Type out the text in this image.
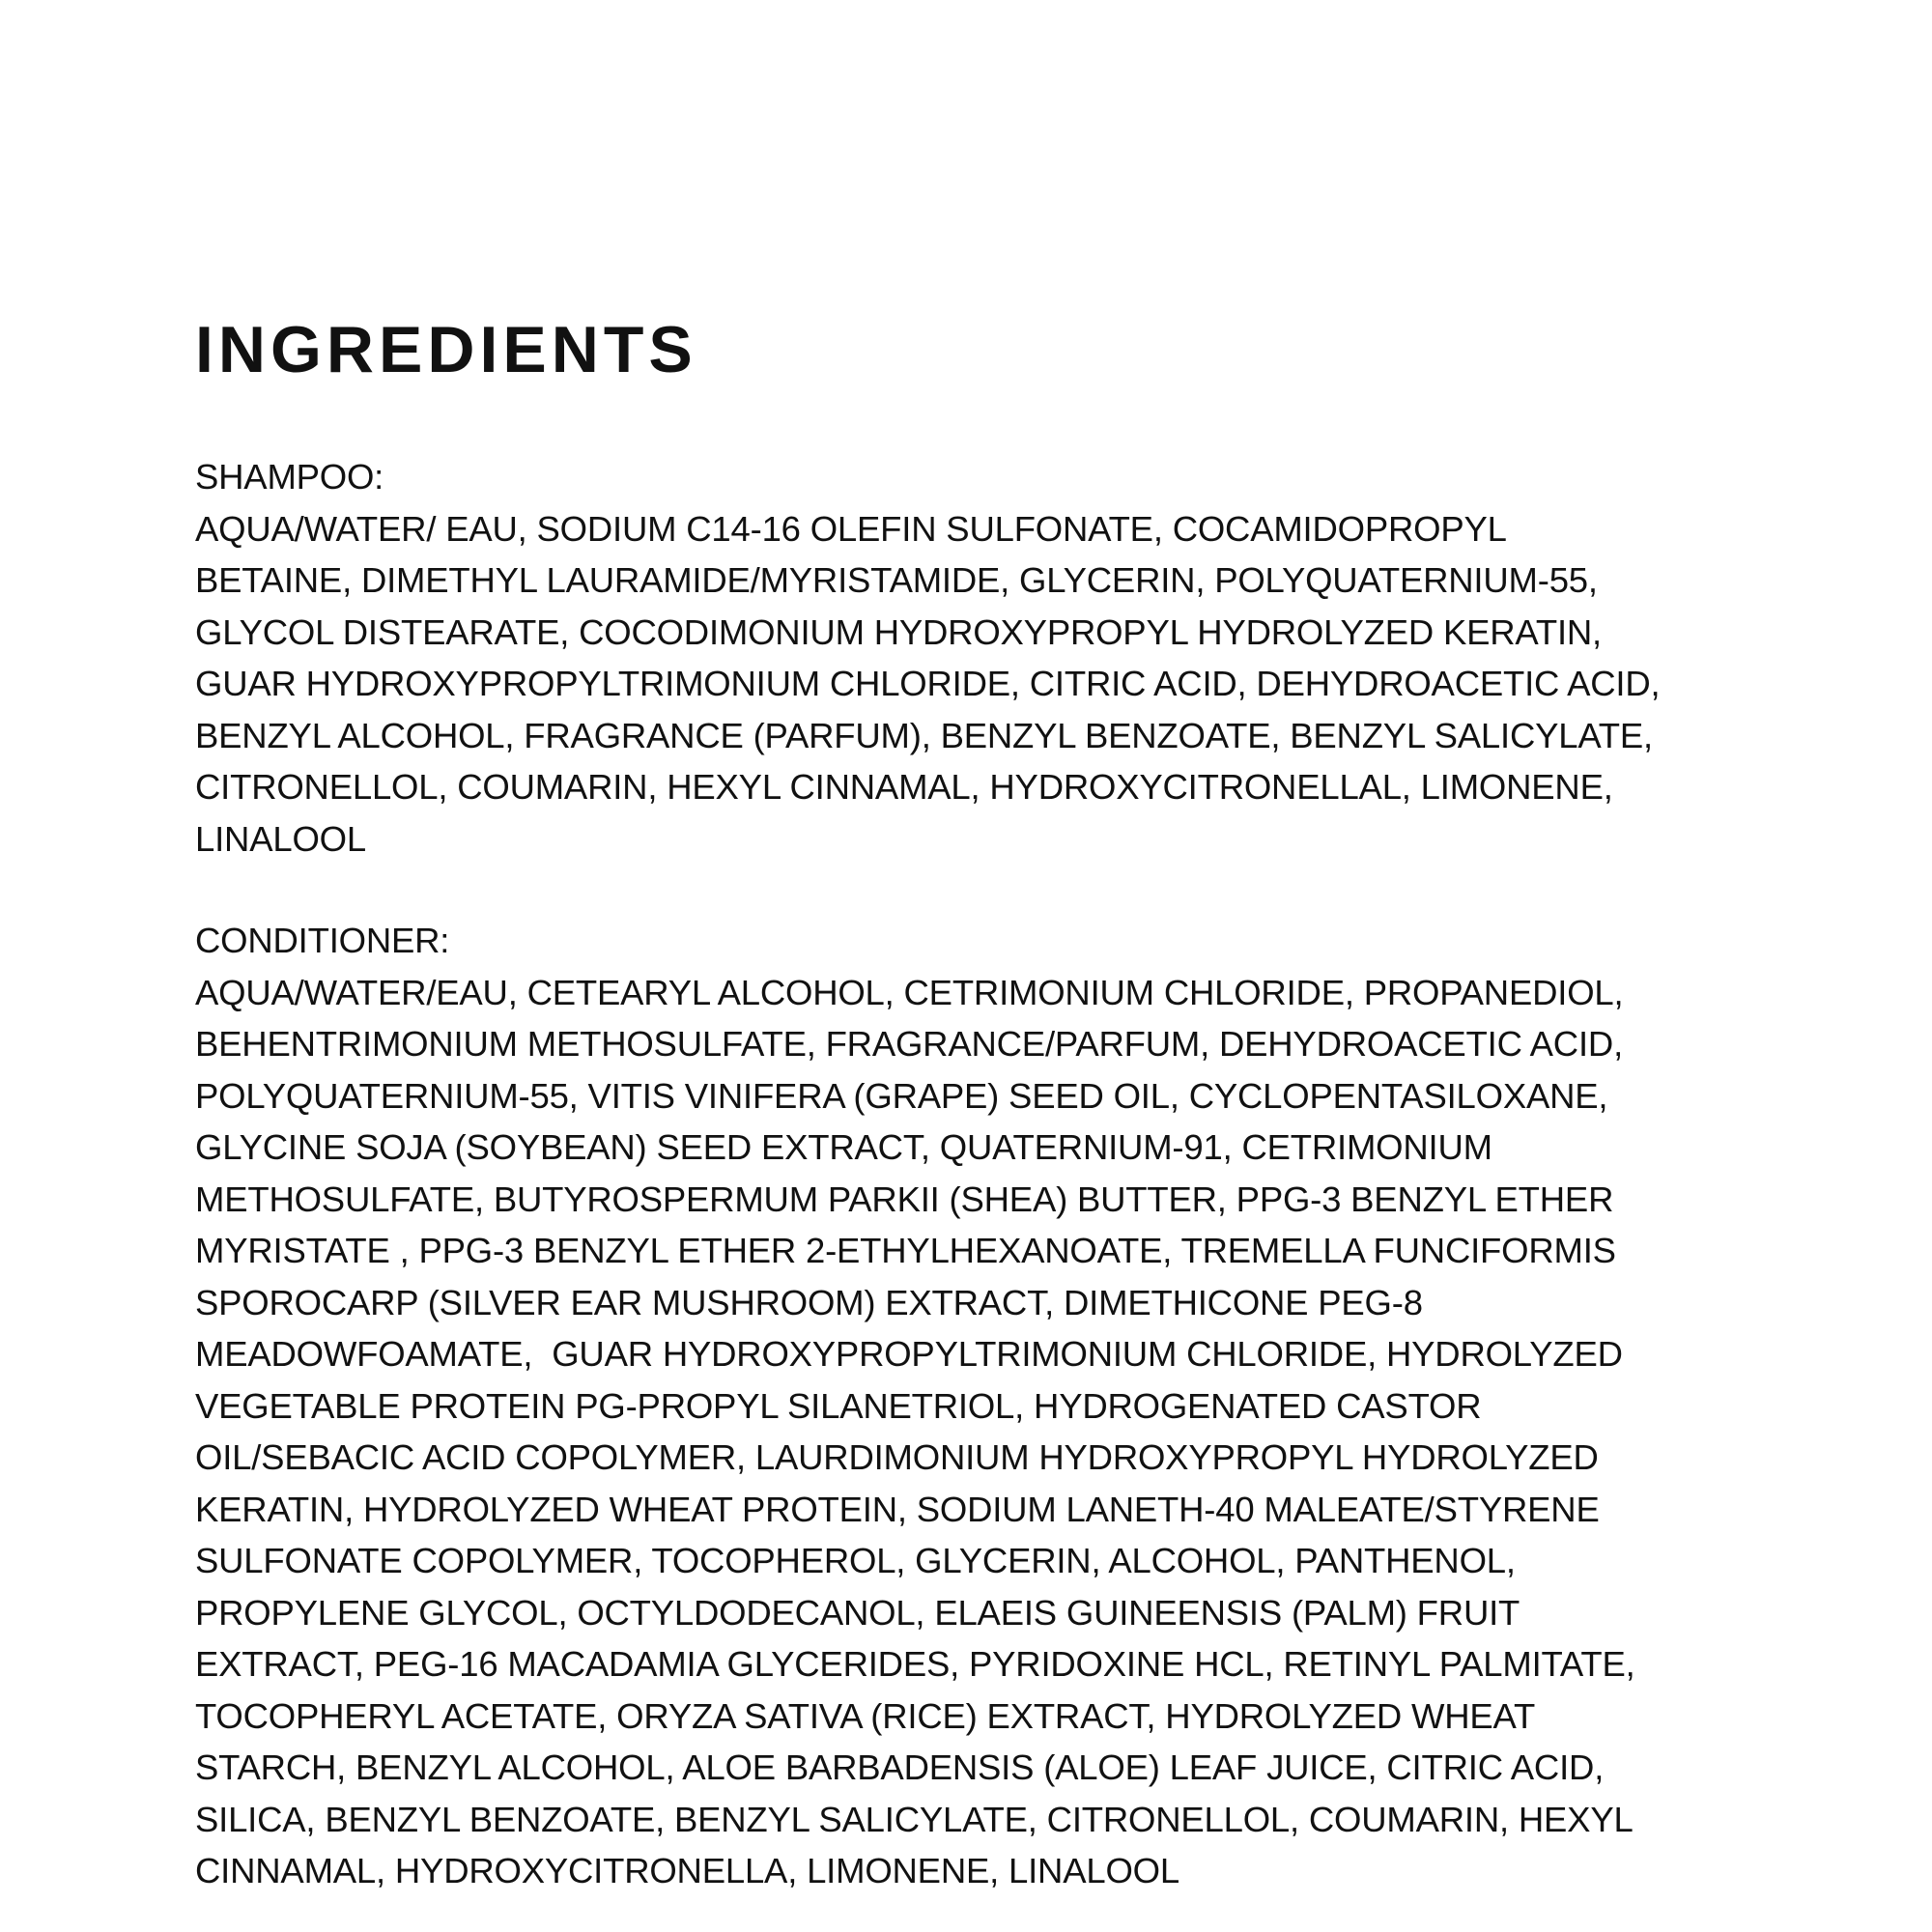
INGREDIENTS
SHAMPOO:
AQUA/WATER/ EAU, SODIUM C14-16 OLEFIN SULFONATE, COCAMIDOPROPYL
BETAINE, DIMETHYL LAURAMIDE/MYRISTAMIDE, GLYCERIN, POLYQUATERNIUM-55,
GLYCOL DISTEARATE, COCODIMONIUM HYDROXYPROPYL HYDROLYZED KERATIN,
GUAR HYDROXYPROPYLTRIMONIUM CHLORIDE, CITRIC ACID, DEHYDROACETIC ACID,
BENZYL ALCOHOL, FRAGRANCE (PARFUM), BENZYL BENZOATE, BENZYL SALICYLATE,
CITRONELLOL, COUMARIN, HEXYL CINNAMAL, HYDROXYCITRONELLAL, LIMONENE,
LINALOOL
CONDITIONER:
AQUA/WATER/EAU, CETEARYL ALCOHOL, CETRIMONIUM CHLORIDE, PROPANEDIOL,
BEHENTRIMONIUM METHOSULFATE, FRAGRANCE/PARFUM, DEHYDROACETIC ACID,
POLYQUATERNIUM-55, VITIS VINIFERA (GRAPE) SEED OIL, CYCLOPENTASILOXANE,
GLYCINE SOJA (SOYBEAN) SEED EXTRACT, QUATERNIUM-91, CETRIMONIUM
METHOSULFATE, BUTYROSPERMUM PARKII (SHEA) BUTTER, PPG-3 BENZYL ETHER
MYRISTATE , PPG-3 BENZYL ETHER 2-ETHYLHEXANOATE, TREMELLA FUNCIFORMIS
SPOROCARP (SILVER EAR MUSHROOM) EXTRACT, DIMETHICONE PEG-8
MEADOWFOAMATE,  GUAR HYDROXYPROPYLTRIMONIUM CHLORIDE, HYDROLYZED
VEGETABLE PROTEIN PG-PROPYL SILANETRIOL, HYDROGENATED CASTOR
OIL/SEBACIC ACID COPOLYMER, LAURDIMONIUM HYDROXYPROPYL HYDROLYZED
KERATIN, HYDROLYZED WHEAT PROTEIN, SODIUM LANETH-40 MALEATE/STYRENE
SULFONATE COPOLYMER, TOCOPHEROL, GLYCERIN, ALCOHOL, PANTHENOL,
PROPYLENE GLYCOL, OCTYLDODECANOL, ELAEIS GUINEENSIS (PALM) FRUIT
EXTRACT, PEG-16 MACADAMIA GLYCERIDES, PYRIDOXINE HCL, RETINYL PALMITATE,
TOCOPHERYL ACETATE, ORYZA SATIVA (RICE) EXTRACT, HYDROLYZED WHEAT
STARCH, BENZYL ALCOHOL, ALOE BARBADENSIS (ALOE) LEAF JUICE, CITRIC ACID,
SILICA, BENZYL BENZOATE, BENZYL SALICYLATE, CITRONELLOL, COUMARIN, HEXYL
CINNAMAL, HYDROXYCITRONELLA, LIMONENE, LINALOOL
